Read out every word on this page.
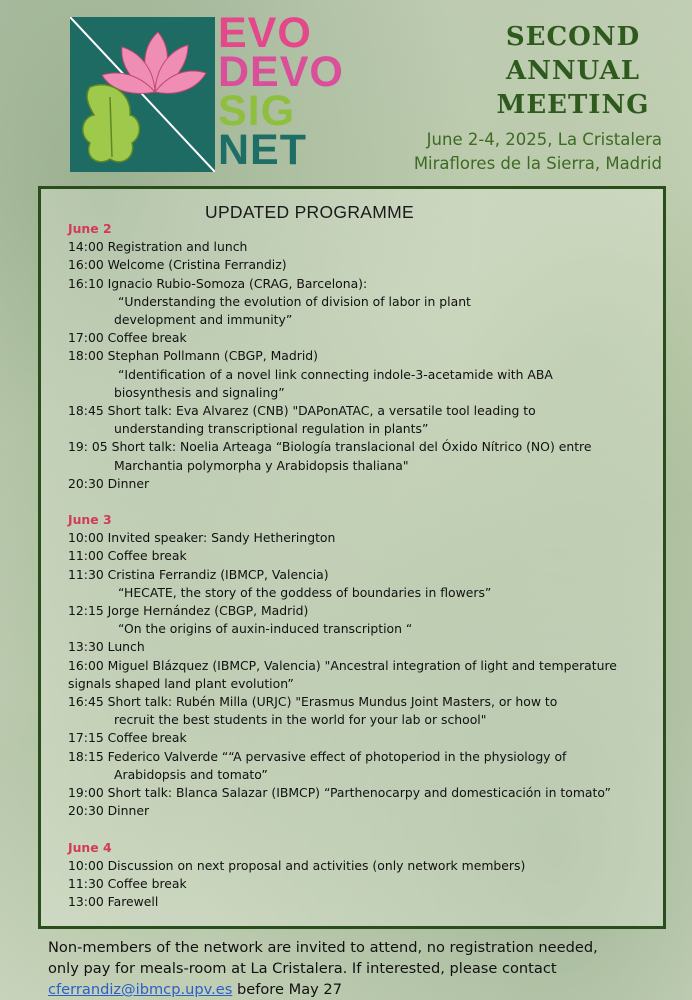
EVO
DEVO
SIG
NET
SECOND
ANNUAL
MEETING
June 2-4, 2025, La Cristalera
Miraflores de la Sierra, Madrid
UPDATED PROGRAMME
June 2
14:00 Registration and lunch
16:00 Welcome (Cristina Ferrandiz)
16:10 Ignacio Rubio-Somoza (CRAG, Barcelona):
“Understanding the evolution of division of labor in plant
development and immunity”
17:00 Coffee break
18:00 Stephan Pollmann (CBGP, Madrid)
“Identification of a novel link connecting indole-3-acetamide with ABA
biosynthesis and signaling”
18:45 Short talk: Eva Alvarez (CNB) "DAPonATAC, a versatile tool leading to
understanding transcriptional regulation in plants”
19: 05 Short talk: Noelia Arteaga “Biología translacional del Óxido Nítrico (NO) entre
Marchantia polymorpha y Arabidopsis thaliana"
20:30 Dinner
June 3
10:00 Invited speaker: Sandy Hetherington
11:00 Coffee break
11:30 Cristina Ferrandiz (IBMCP, Valencia)
“HECATE, the story of the goddess of boundaries in flowers”
12:15 Jorge Hernández (CBGP, Madrid)
“On the origins of auxin-induced transcription “
13:30 Lunch
16:00 Miguel Blázquez (IBMCP, Valencia) "Ancestral integration of light and temperature
signals shaped land plant evolution”
16:45 Short talk: Rubén Milla (URJC) "Erasmus Mundus Joint Masters, or how to
recruit the best students in the world for your lab or school"
17:15 Coffee break
18:15 Federico Valverde ““A pervasive effect of photoperiod in the physiology of
Arabidopsis and tomato”
19:00 Short talk: Blanca Salazar (IBMCP) “Parthenocarpy and domesticación in tomato”
20:30 Dinner
June 4
10:00 Discussion on next proposal and activities (only network members)
11:30 Coffee break
13:00 Farewell
Non-members of the network are invited to attend, no registration needed,
only pay for meals-room at La Cristalera. If interested, please contact
cferrandiz@ibmcp.upv.es before May 27
